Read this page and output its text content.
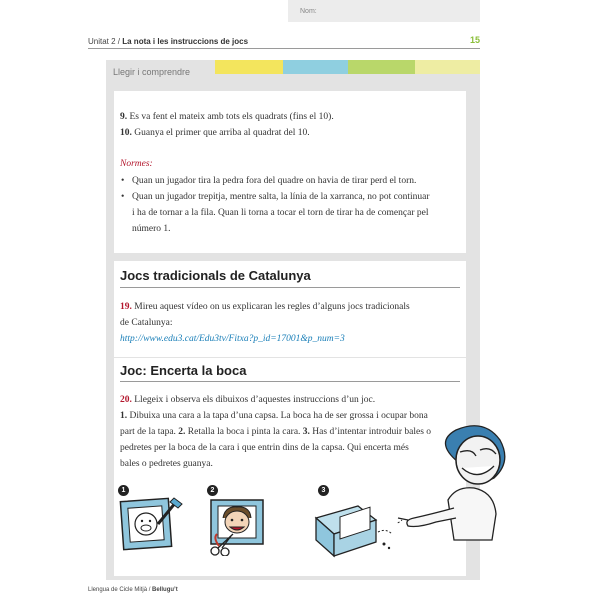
Nom:
Unitat 2 / La nota i les instruccions de jocs	15
Llegir i comprendre
9. Es va fent el mateix amb tots els quadrats (fins el 10).
10. Guanya el primer que arriba al quadrat del 10.
Normes:
• Quan un jugador tira la pedra fora del quadre on havia de tirar perd el torn.
• Quan un jugador trepitja, mentre salta, la línia de la xarranca, no pot continuar
i ha de tornar a la fila. Quan li torna a tocar el torn de tirar ha de començar pel
número 1.
Jocs tradicionals de Catalunya
19. Mireu aquest vídeo on us explicaran les regles d’alguns jocs tradicionals
de Catalunya:
http://www.edu3.cat/Edu3tv/Fitxa?p_id=17001&p_num=3
Joc: Encerta la boca
20. Llegeix i observa els dibuixos d’aquestes instruccions d’un joc.
1. Dibuixa una cara a la tapa d’una capsa. La boca ha de ser grossa i ocupar bona
part de la tapa. 2. Retalla la boca i pinta la cara. 3. Has d’intentar introduir bales o
pedretes per la boca de la cara i que entrin dins de la capsa. Qui encerta més
bales o pedretes guanya.
1	2	3
Llengua de Cicle Mitjà / Bellugu’t
